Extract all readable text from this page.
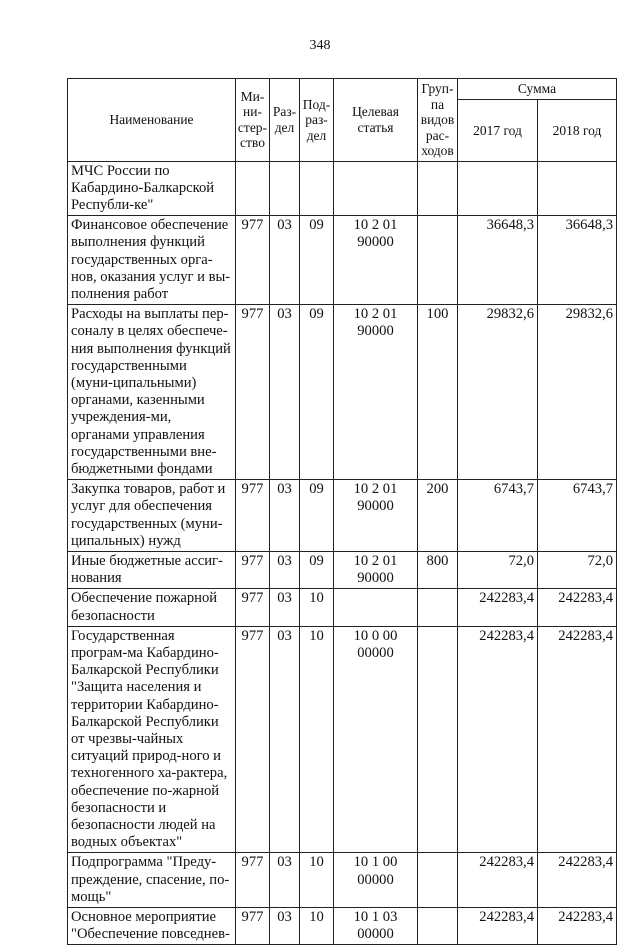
348
Наименование	Ми-ни-стер-ство	Раз-дел	Под-раз-дел	Целевая статья	Груп-па видов рас-ходов	Сумма	
						2017 год	2018 год
МЧС России по Кабардино-Балкарской Республи-ке"							
Финансовое обеспечение выполнения функций государственных орга-нов, оказания услуг и вы-полнения работ	977	03	09	10 2 01 90000		36648,3	36648,3
Расходы на выплаты пер-соналу в целях обеспече-ния выполнения функций государственными (муни-ципальными) органами, казенными учреждения-ми, органами управления государственными вне-бюджетными фондами	977	03	09	10 2 01 90000	100	29832,6	29832,6
Закупка товаров, работ и услуг для обеспечения государственных (муни-ципальных) нужд	977	03	09	10 2 01 90000	200	6743,7	6743,7
Иные бюджетные ассиг-нования	977	03	09	10 2 01 90000	800	72,0	72,0
Обеспечение пожарной безопасности	977	03	10			242283,4	242283,4
Государственная програм-ма Кабардино-Балкарской Республики "Защита населения и территории Кабардино-Балкарской Республики от чрезвы-чайных ситуаций природ-ного и техногенного ха-рактера, обеспечение по-жарной безопасности и безопасности людей на водных объектах"	977	03	10	10 0 00 00000		242283,4	242283,4
Подпрограмма "Преду-преждение, спасение, по-мощь"	977	03	10	10 1 00 00000		242283,4	242283,4
Основное мероприятие "Обеспечение повседнев-	977	03	10	10 1 03 00000		242283,4	242283,4
